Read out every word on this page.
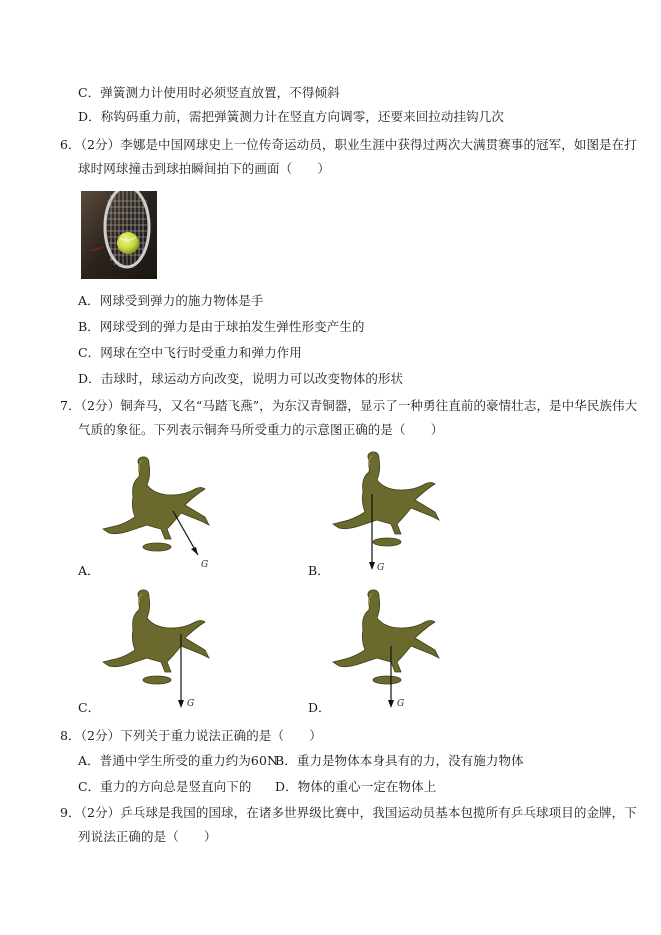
C．弹簧测力计使用时必须竖直放置，不得倾斜
D．称钩码重力前，需把弹簧测力计在竖直方向调零，还要来回拉动挂钩几次
6．（2分）李娜是中国网球史上一位传奇运动员，职业生涯中获得过两次大满贯赛事的冠军，如图是在打
球时网球撞击到球拍瞬间拍下的画面（　　）
A．网球受到弹力的施力物体是手
B．网球受到的弹力是由于球拍发生弹性形变产生的
C．网球在空中飞行时受重力和弹力作用
D．击球时，球运动方向改变，说明力可以改变物体的形状
7．（2分）铜奔马，又名“马踏飞燕”，为东汉青铜器，显示了一种勇往直前的豪情壮志，是中华民族伟大
气质的象征。下列表示铜奔马所受重力的示意图正确的是（　　）
G
A．	G
B．
G
C．	G
D．
8．（2分）下列关于重力说法正确的是（　　）
A．普通中学生所受的重力约为60N
B．重力是物体本身具有的力，没有施力物体
C．重力的方向总是竖直向下的 D．物体的重心一定在物体上
9．（2分）乒乓球是我国的国球，在诸多世界级比赛中，我国运动员基本包揽所有乒乓球项目的金牌，下
列说法正确的是（　　）
